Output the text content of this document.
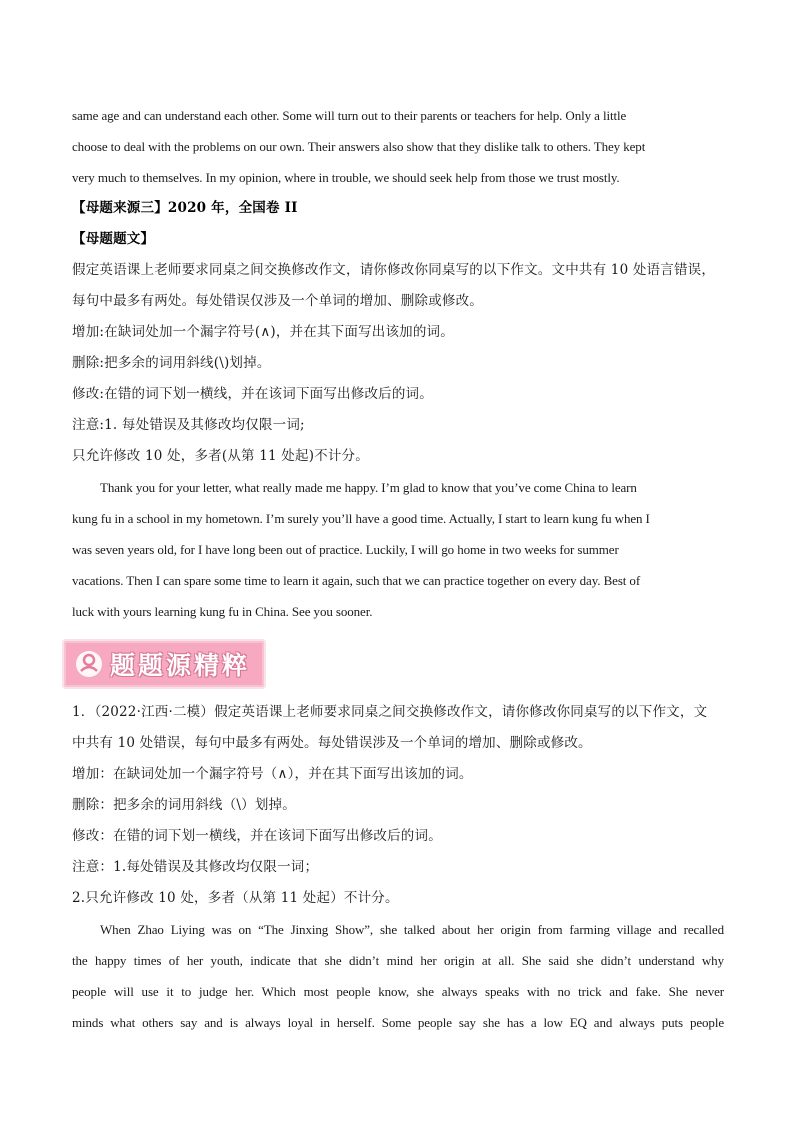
same age and can understand each other. Some will turn out to their parents or teachers for help. Only a little

choose to deal with the problems on our own. Their answers also show that they dislike talk to others. They kept

very much to themselves. In my opinion, where in trouble, we should seek help from those we trust mostly.

【母题来源三】2020 年，全国卷 II

【母题题文】

假定英语课上老师要求同桌之间交换修改作文，请你修改你同桌写的以下作文。文中共有 10 处语言错误，

每句中最多有两处。每处错误仅涉及一个单词的增加、删除或修改。

增加:在缺词处加一个漏字符号(∧)，并在其下面写出该加的词。

删除:把多余的词用斜线(\)划掉。

修改:在错的词下划一横线，并在该词下面写出修改后的词。

注意:1. 每处错误及其修改均仅限一词;

只允许修改 10 处，多者(从第 11 处起)不计分。

Thank you for your letter, what really made me happy. I’m glad to know that you’ve come China to learn

kung fu in a school in my hometown. I’m surely you’ll have a good time. Actually, I start to learn kung fu when I

was seven years old, for I have long been out of practice. Luckily, I will go home in two weeks for summer

vacations. Then I can spare some time to learn it again, such that we can practice together on every day. Best of

luck with yours learning kung fu in China. See you sooner.

题题源精粹

1．（2022·江西·二模）假定英语课上老师要求同桌之间交换修改作文，请你修改你同桌写的以下作文，文

中共有 10 处错误，每句中最多有两处。每处错误涉及一个单词的增加、删除或修改。

增加：在缺词处加一个漏字符号（∧），并在其下面写出该加的词。

删除：把多余的词用斜线（\）划掉。

修改：在错的词下划一横线，并在该词下面写出修改后的词。

注意：1.每处错误及其修改均仅限一词；

2.只允许修改 10 处，多者（从第 11 处起）不计分。

When Zhao Liying was on “The Jinxing Show”, she talked about her origin from farming village and recalled

the happy times of her youth, indicate that she didn’t mind her origin at all. She said she didn’t understand why

people will use it to judge her. Which most people know, she always speaks with no trick and fake. She never

minds what others say and is always loyal in herself. Some people say she has a low EQ and always puts people
